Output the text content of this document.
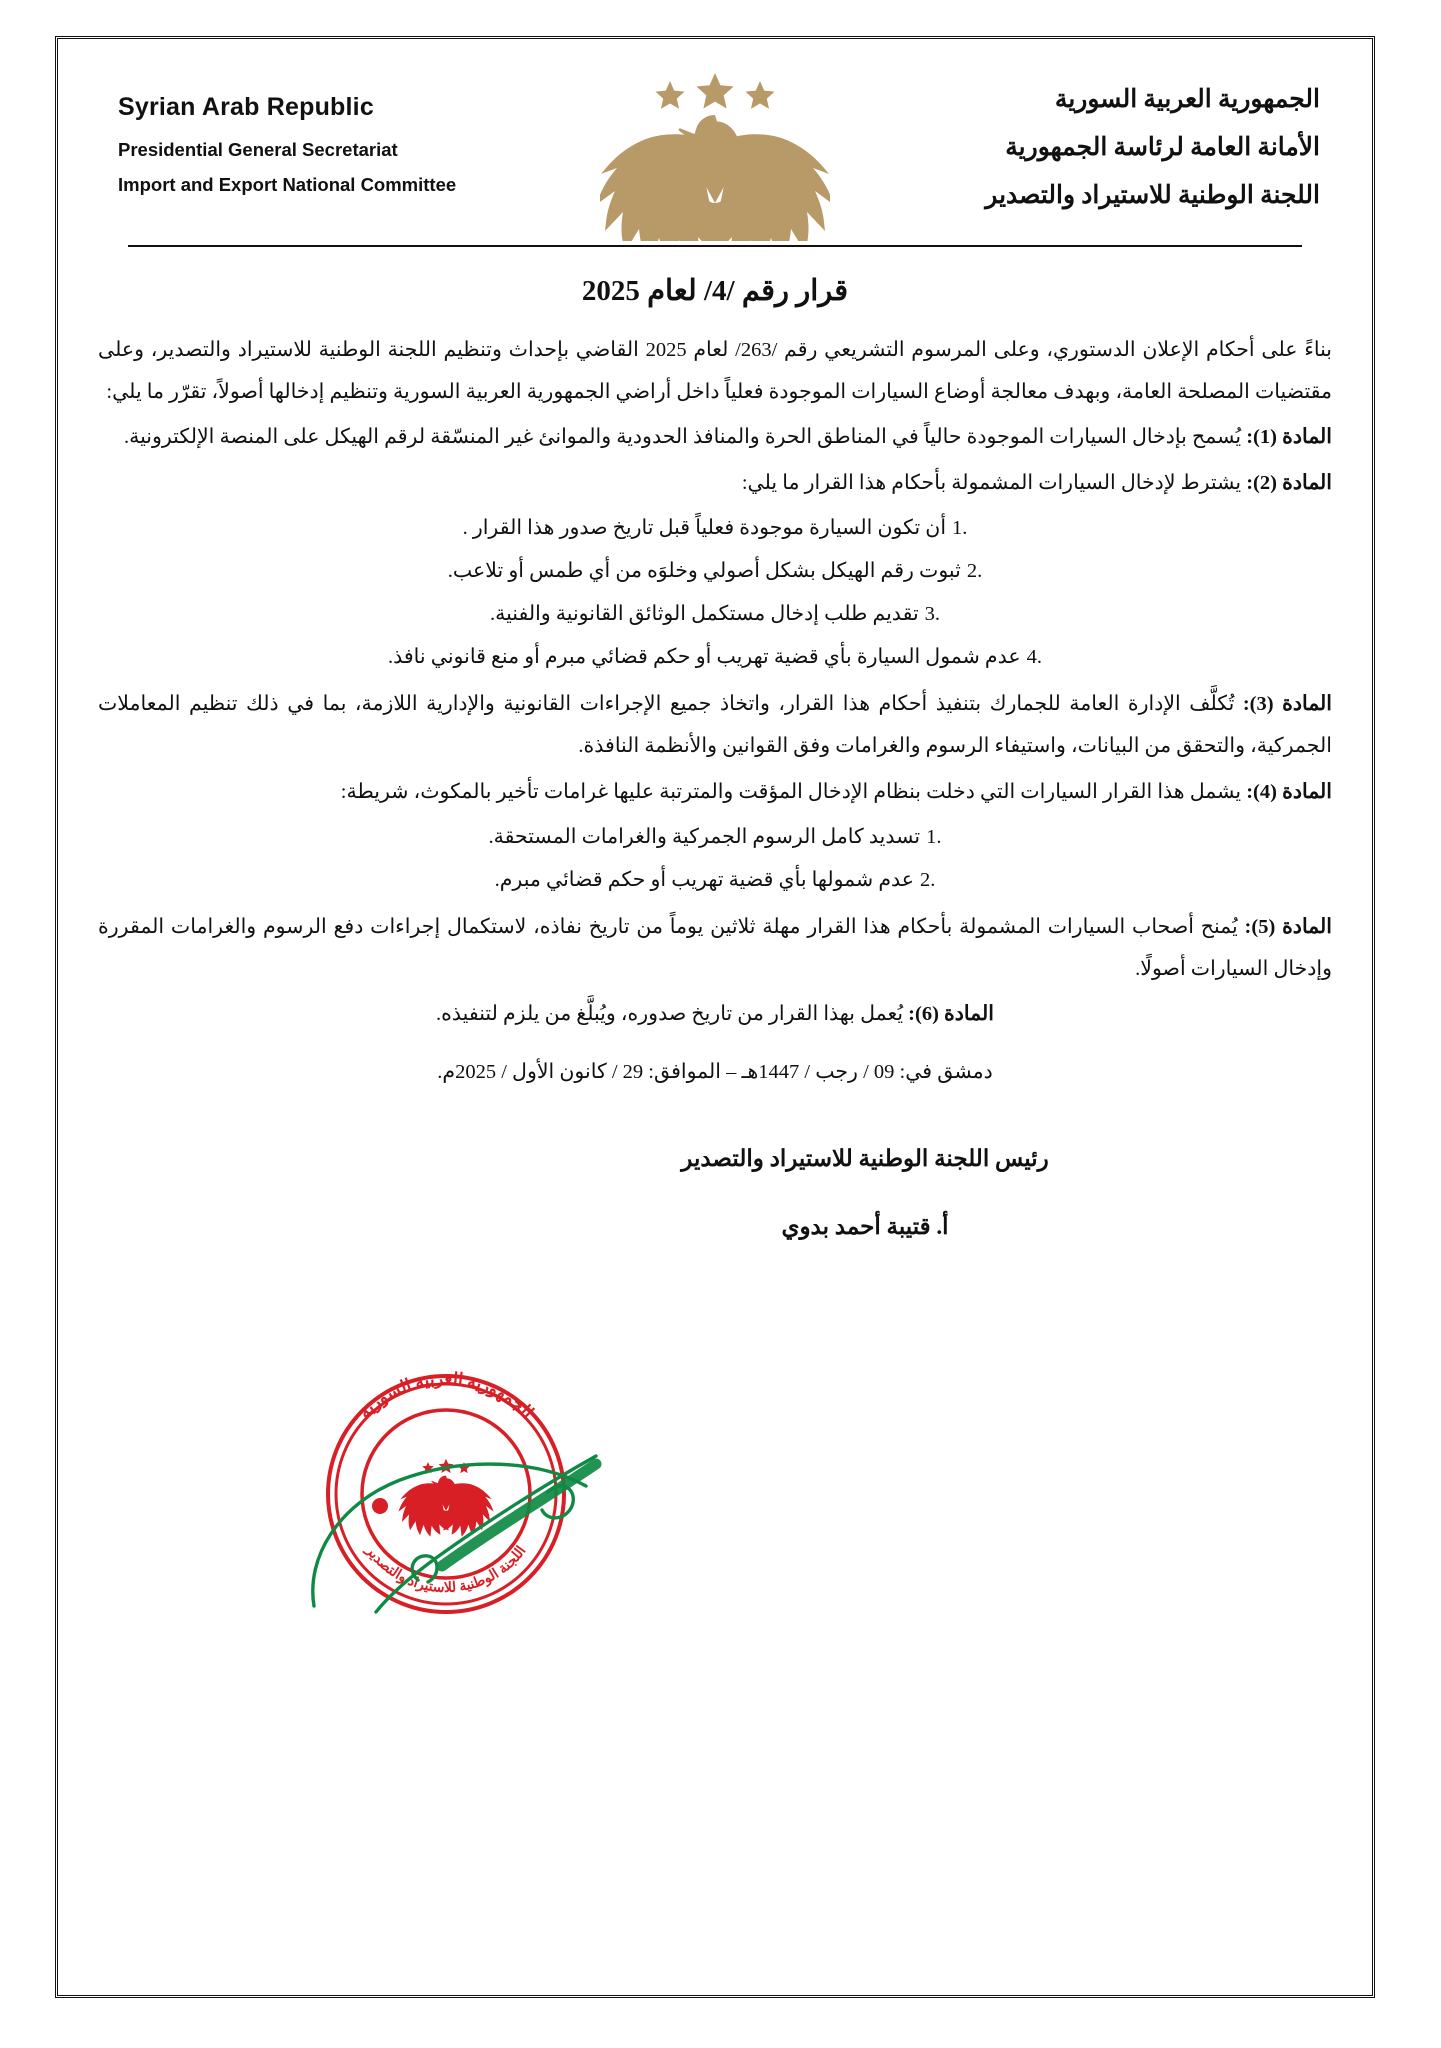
Syrian Arab Republic
Presidential General Secretariat
Import and Export National Committee
الجمهورية العربية السورية
الأمانة العامة لرئاسة الجمهورية
اللجنة الوطنية للاستيراد والتصدير
قرار رقم /4/ لعام 2025

بناءً على أحكام الإعلان الدستوري، وعلى المرسوم التشريعي رقم /263/ لعام 2025 القاضي بإحداث وتنظيم اللجنة الوطنية للاستيراد والتصدير، وعلى مقتضيات المصلحة العامة، وبهدف معالجة أوضاع السيارات الموجودة فعلياً داخل أراضي الجمهورية العربية السورية وتنظيم إدخالها أصولاً، تقرّر ما يلي:

المادة (1): يُسمح بإدخال السيارات الموجودة حالياً في المناطق الحرة والمنافذ الحدودية والموانئ غير المنسّقة لرقم الهيكل على المنصة الإلكترونية.

المادة (2): يشترط لإدخال السيارات المشمولة بأحكام هذا القرار ما يلي:

.1أن تكون السيارة موجودة فعلياً قبل تاريخ صدور هذا القرار .
.2ثبوت رقم الهيكل بشكل أصولي وخلوَه من أي طمس أو تلاعب.
.3تقديم طلب إدخال مستكمل الوثائق القانونية والفنية.
.4عدم شمول السيارة بأي قضية تهريب أو حكم قضائي مبرم أو منع قانوني نافذ.

المادة (3): تُكلَّف الإدارة العامة للجمارك بتنفيذ أحكام هذا القرار، واتخاذ جميع الإجراءات القانونية والإدارية اللازمة، بما في ذلك تنظيم المعاملات الجمركية، والتحقق من البيانات، واستيفاء الرسوم والغرامات وفق القوانين والأنظمة النافذة.

المادة (4): يشمل هذا القرار السيارات التي دخلت بنظام الإدخال المؤقت والمترتبة عليها غرامات تأخير بالمكوث، شريطة:

.1تسديد كامل الرسوم الجمركية والغرامات المستحقة.
.2عدم شمولها بأي قضية تهريب أو حكم قضائي مبرم.

المادة (5): يُمنح أصحاب السيارات المشمولة بأحكام هذا القرار مهلة ثلاثين يوماً من تاريخ نفاذه، لاستكمال إجراءات دفع الرسوم والغرامات المقررة وإدخال السيارات أصولًا.

المادة (6): يُعمل بهذا القرار من تاريخ صدوره، ويُبلَّغ من يلزم لتنفيذه.

دمشق في: 09 / رجب / 1447هـ – الموافق: 29 / كانون الأول / 2025م.
رئيس اللجنة الوطنية للاستيراد والتصدير
أ. قتيبة أحمد بدوي
الجمهورية العربية السورية
اللجنة الوطنية للاستيراد والتصدير
